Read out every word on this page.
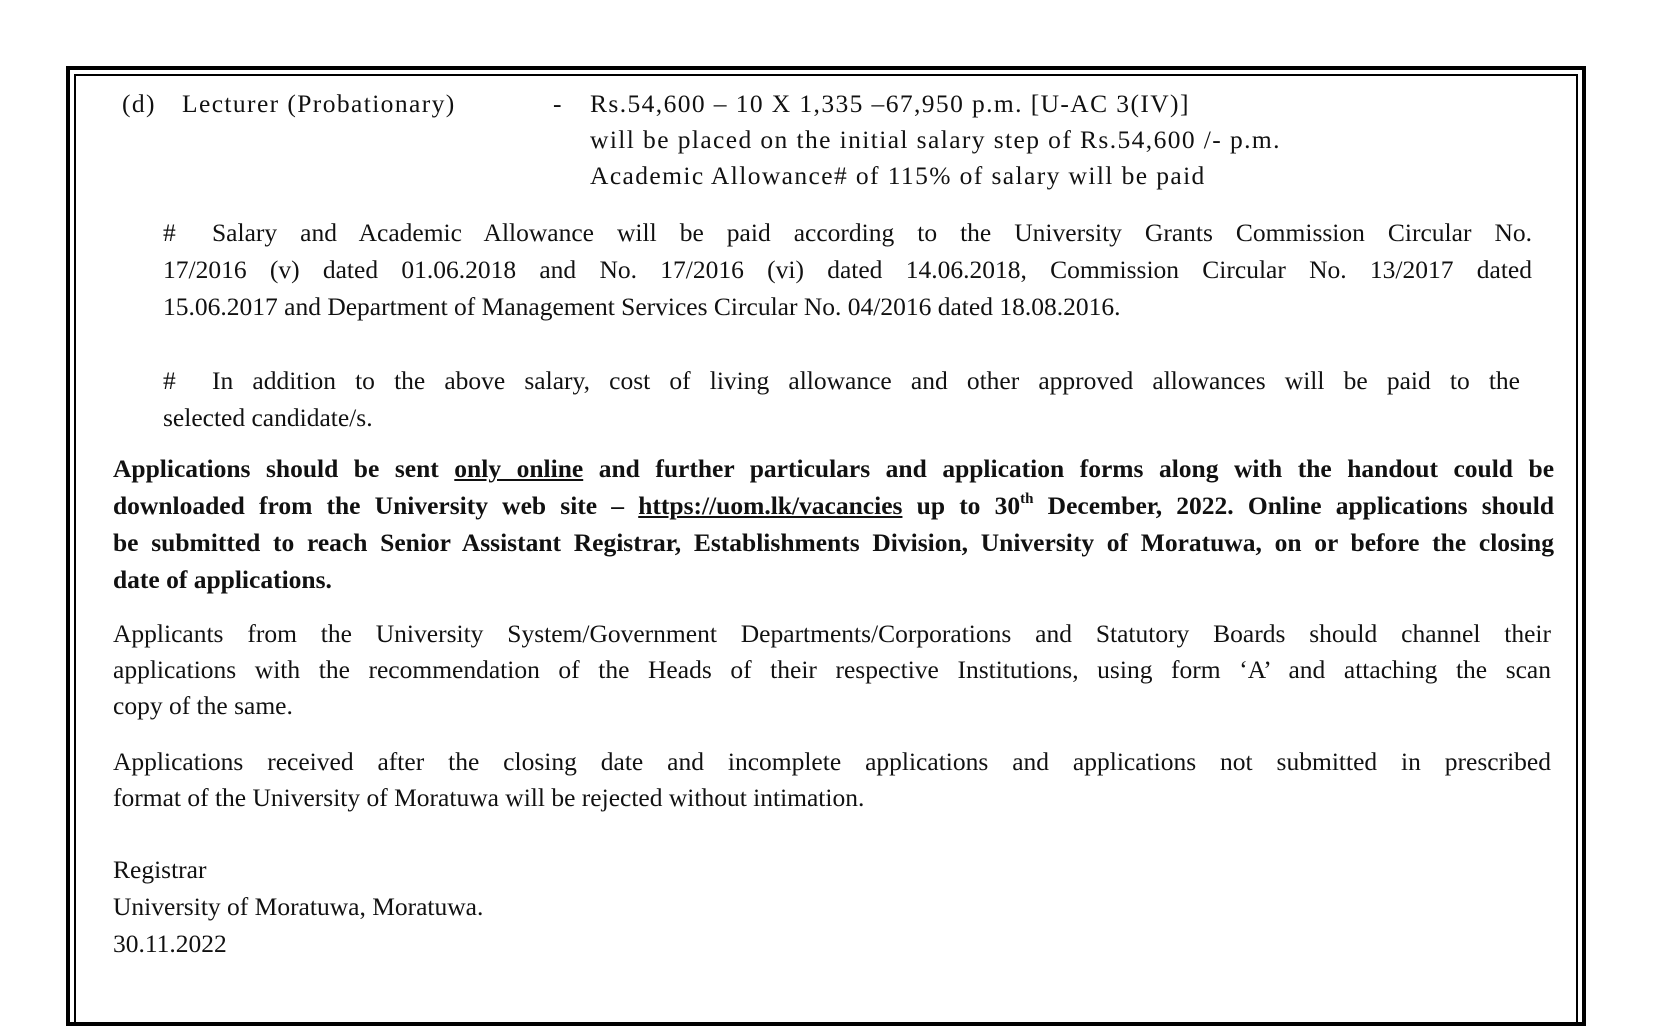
(d) Lecturer (Probationary)	- Rs.54,600 – 10 X 1,335 –67,950 p.m. [U-AC 3(IV)]
will be placed on the initial salary step of Rs.54,600 /- p.m.
Academic Allowance# of 115% of salary will be paid
# Salary and Academic Allowance will be paid according to the University Grants Commission Circular No.
17/2016 (v) dated 01.06.2018 and No. 17/2016 (vi) dated 14.06.2018, Commission Circular No. 13/2017 dated
15.06.2017 and Department of Management Services Circular No. 04/2016 dated 18.08.2016.
# In addition to the above salary, cost of living allowance and other approved allowances will be paid to the
selected candidate/s.
Applications should be sent only online and further particulars and application forms along with the handout could be
downloaded from the University web site – https://uom.lk/vacancies up to 30th December, 2022. Online applications should
be submitted to reach Senior Assistant Registrar, Establishments Division, University of Moratuwa, on or before the closing
date of applications.
Applicants from the University System/Government Departments/Corporations and Statutory Boards should channel their
applications with the recommendation of the Heads of their respective Institutions, using form ‘A’ and attaching the scan
copy of the same.
Applications received after the closing date and incomplete applications and applications not submitted in prescribed
format of the University of Moratuwa will be rejected without intimation.
Registrar
University of Moratuwa, Moratuwa.
30.11.2022
